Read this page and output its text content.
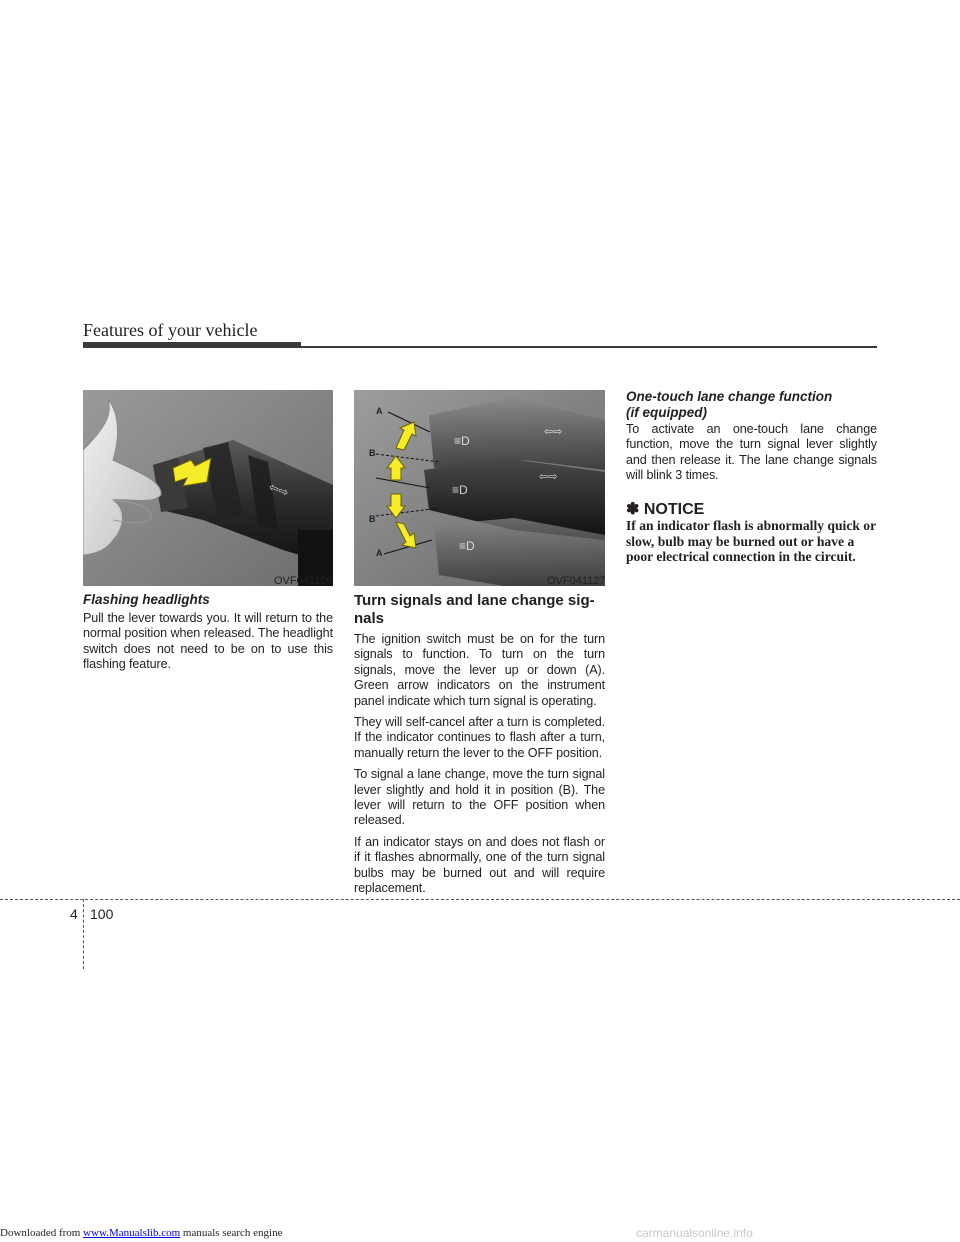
Features of your vehicle
⇦⇨
OVF041126
≡D
⇦⇨
≡D
⇦⇨
≡D
A
B
B
A
OVF041127
Flashing headlights

Pull the lever towards you. It will return to the normal position when released. The headlight switch does not need to be on to use this flashing feature.

Turn signals and lane change sig-
nals

The ignition switch must be on for the turn signals to function. To turn on the turn signals, move the lever up or down (A). Green arrow indicators on the instrument panel indicate which turn signal is operating.

They will self-cancel after a turn is completed. If the indicator continues to flash after a turn, manually return the lever to the OFF position.

To signal a lane change, move the turn signal lever slightly and hold it in position (B). The lever will return to the OFF position when released.

If an indicator stays on and does not flash or if it flashes abnormally, one of the turn signal bulbs may be burned out and will require replacement.

One-touch lane change function
(if equipped)

To activate an one-touch lane change function, move the turn signal lever slightly and then release it. The lane change signals will blink 3 times.

✽ NOTICE
If an indicator flash is abnormally quick or slow, bulb may be burned out or have a poor electrical connection in the circuit.
4 100
Downloaded from www.Manualslib.com manuals search engine	carmanualsonline.info
